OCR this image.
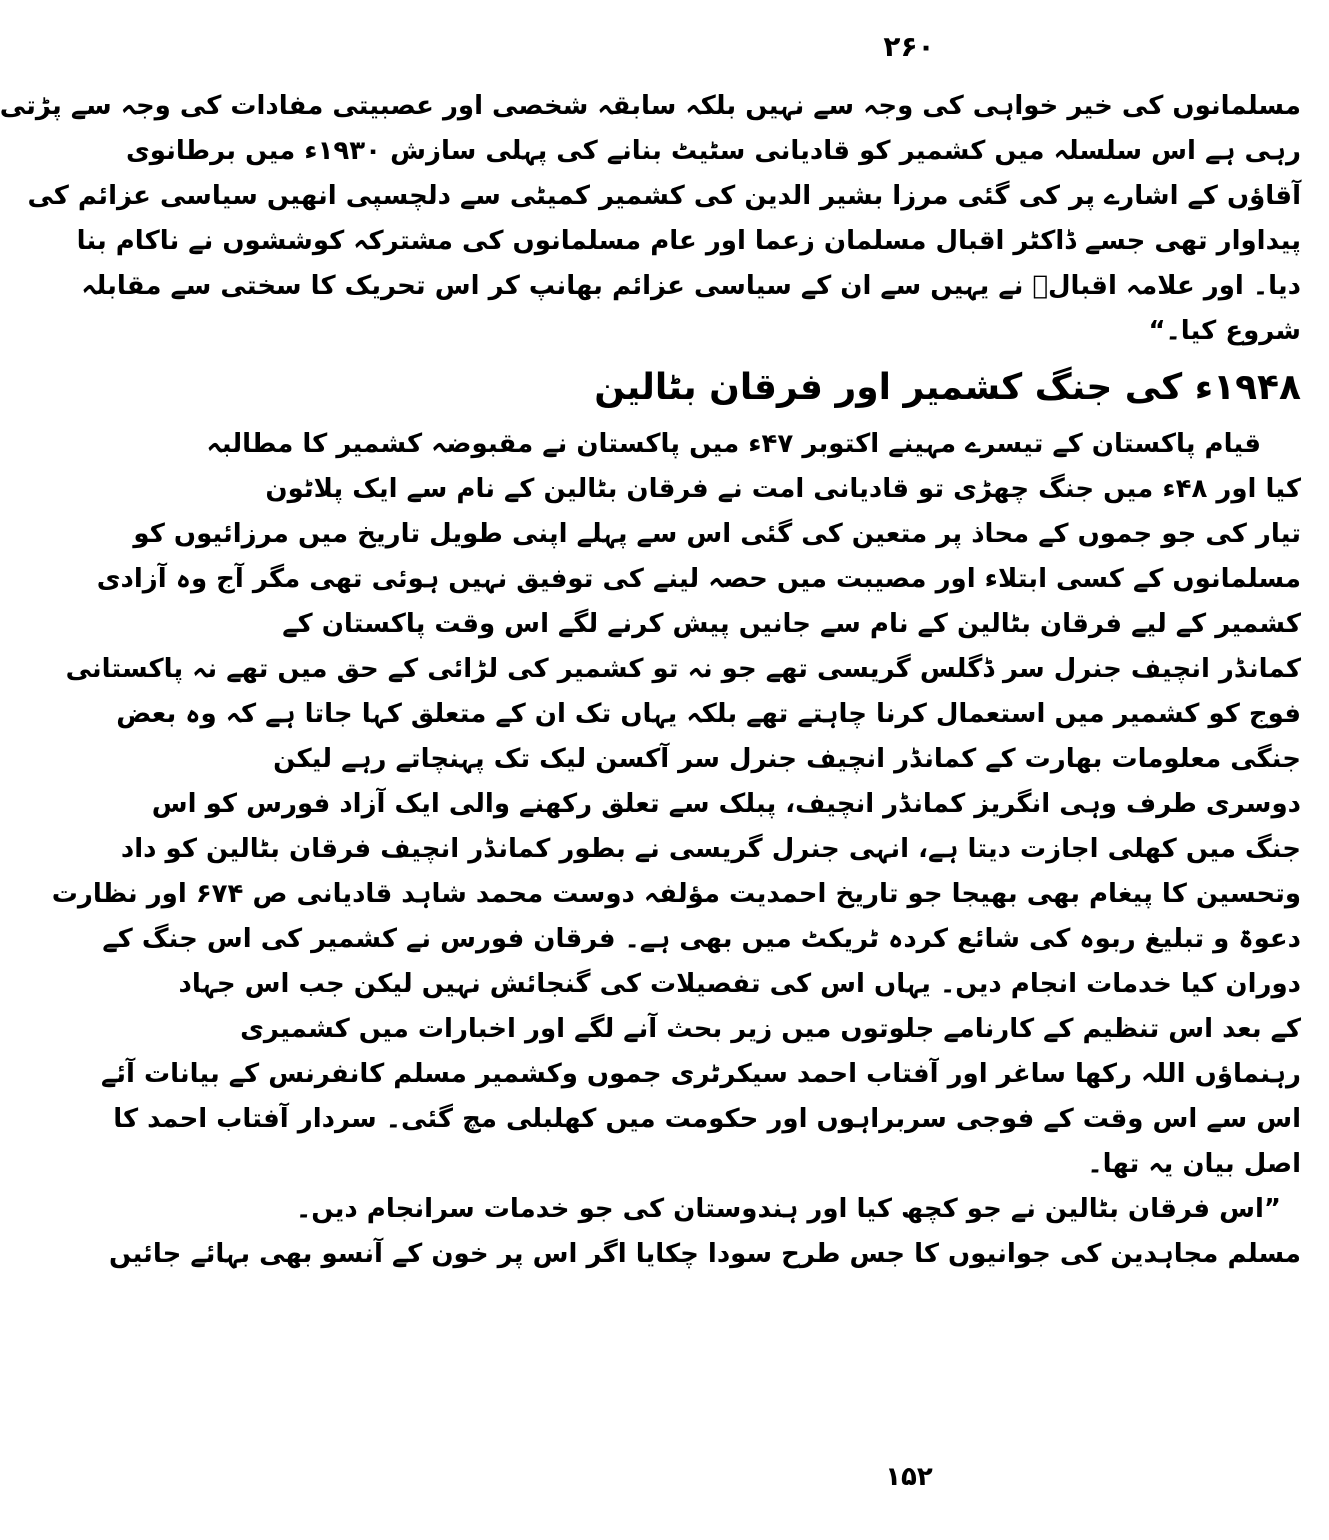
۲۶۰
مسلمانوں کی خیر خواہی کی وجہ سے نہیں بلکہ سابقہ شخصی اور عصبیتی مفادات کی وجہ سے پڑتی
رہی ہے اس سلسلہ میں کشمیر کو قادیانی سٹیٹ بنانے کی پہلی سازش ۱۹۳۰ء میں برطانوی
آقاؤں کے اشارے پر کی گئی مرزا بشیر الدین کی کشمیر کمیٹی سے دلچسپی انھیں سیاسی عزائم کی
پیداوار تھی جسے ڈاکٹر اقبال مسلمان زعما اور عام مسلمانوں کی مشترکہ کوششوں نے ناکام بنا
دیا۔ اور علامہ اقبالؒ نے یہیں سے ان کے سیاسی عزائم بھانپ کر اس تحریک کا سختی سے مقابلہ
شروع کیا۔“
۱۹۴۸ء کی جنگ کشمیر اور فرقان بٹالین
قیام پاکستان کے تیسرے مہینے اکتوبر ۴۷ء میں پاکستان نے مقبوضہ کشمیر کا مطالبہ
کیا اور ۴۸ء میں جنگ چھڑی تو قادیانی امت نے فرقان بٹالین کے نام سے ایک پلاٹون
تیار کی جو جموں کے محاذ پر متعین کی گئی اس سے پہلے اپنی طویل تاریخ میں مرزائیوں کو
مسلمانوں کے کسی ابتلاء اور مصیبت میں حصہ لینے کی توفیق نہیں ہوئی تھی مگر آج وہ آزادی
کشمیر کے لیے فرقان بٹالین کے نام سے جانیں پیش کرنے لگے اس وقت پاکستان کے
کمانڈر انچیف جنرل سر ڈگلس گریسی تھے جو نہ تو کشمیر کی لڑائی کے حق میں تھے نہ پاکستانی
فوج کو کشمیر میں استعمال کرنا چاہتے تھے بلکہ یہاں تک ان کے متعلق کہا جاتا ہے کہ وہ بعض
جنگی معلومات بھارت کے کمانڈر انچیف جنرل سر آکسن لیک تک پہنچاتے رہے لیکن
دوسری طرف وہی انگریز کمانڈر انچیف، پبلک سے تعلق رکھنے والی ایک آزاد فورس کو اس
جنگ میں کھلی اجازت دیتا ہے، انہی جنرل گریسی نے بطور کمانڈر انچیف فرقان بٹالین کو داد
وتحسین کا پیغام بھی بھیجا جو تاریخ احمدیت مؤلفہ دوست محمد شاہد قادیانی ص ۶۷۴ اور نظارت
دعوۃ و تبلیغ ربوہ کی شائع کردہ ٹریکٹ میں بھی ہے۔ فرقان فورس نے کشمیر کی اس جنگ کے
دوران کیا خدمات انجام دیں۔ یہاں اس کی تفصیلات کی گنجائش نہیں لیکن جب اس جہاد
کے بعد اس تنظیم کے کارنامے جلوتوں میں زیر بحث آنے لگے اور اخبارات میں کشمیری
رہنماؤں اللہ رکھا ساغر اور آفتاب احمد سیکرٹری جموں وکشمیر مسلم کانفرنس کے بیانات آئے
اس سے اس وقت کے فوجی سربراہوں اور حکومت میں کھلبلی مچ گئی۔ سردار آفتاب احمد کا
اصل بیان یہ تھا۔
”اس فرقان بٹالین نے جو کچھ کیا اور ہندوستان کی جو خدمات سرانجام دیں۔
مسلم مجاہدین کی جوانیوں کا جس طرح سودا چکایا اگر اس پر خون کے آنسو بھی بہائے جائیں
۱۵۲
